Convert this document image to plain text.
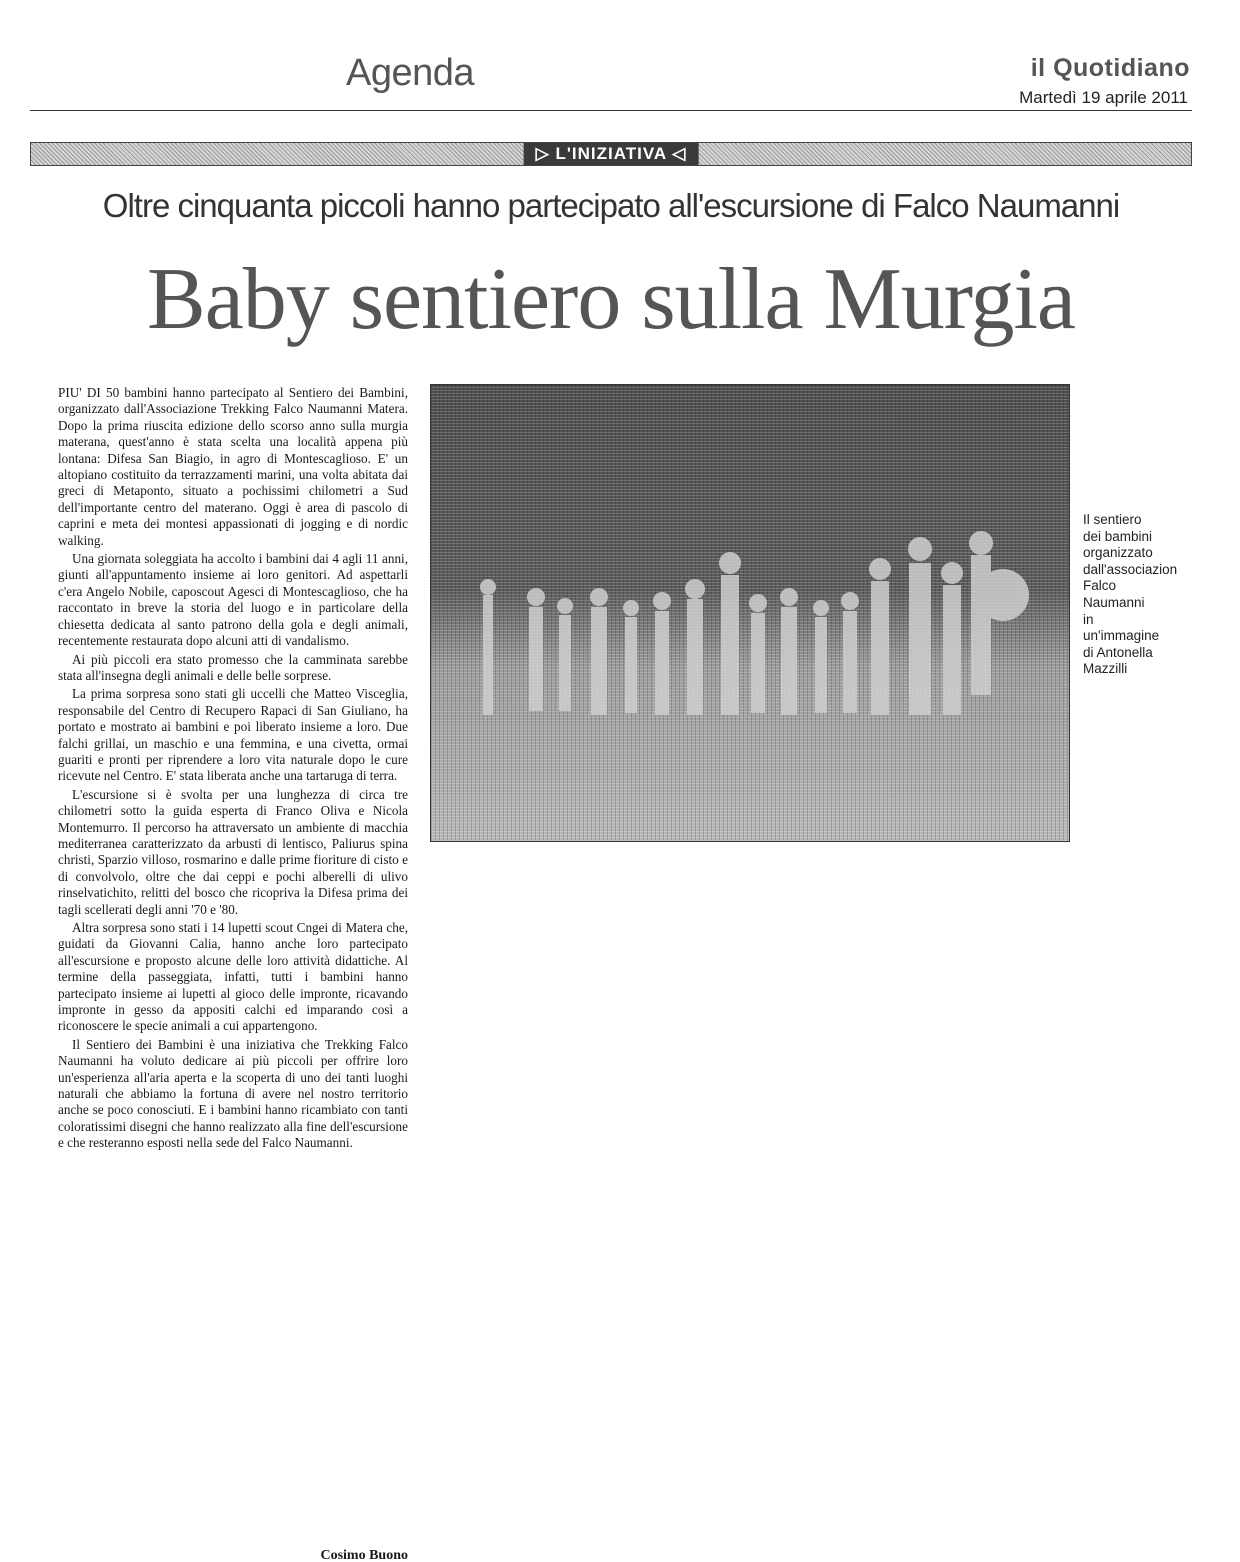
Agenda	il Quotidiano
Martedì 19 aprile 2011
▷ L'INIZIATIVA ◁
Oltre cinquanta piccoli hanno partecipato all'escursione di Falco Naumanni
Baby sentiero sulla Murgia

PIU' DI 50 bambini hanno partecipato al Sentiero dei Bambini, organizzato dall'Associazione Trekking Falco Naumanni Matera. Dopo la prima riuscita edizione dello scorso anno sulla murgia materana, quest'anno è stata scelta una località appena più lontana: Difesa San Biagio, in agro di Montescaglioso. E' un altopiano costituito da terrazzamenti marini, una volta abitata dai greci di Metaponto, situato a pochissimi chilometri a Sud dell'importante centro del materano. Oggi è area di pascolo di caprini e meta dei montesi appassionati di jogging e di nordic walking.

Una giornata soleggiata ha accolto i bambini dai 4 agli 11 anni, giunti all'appuntamento insieme ai loro genitori. Ad aspettarli c'era Angelo Nobile, caposcout Agesci di Montescaglioso, che ha raccontato in breve la storia del luogo e in particolare della chiesetta dedicata al santo patrono della gola e degli animali, recentemente restaurata dopo alcuni atti di vandalismo.

Ai più piccoli era stato promesso che la camminata sarebbe stata all'insegna degli animali e delle belle sorprese.

La prima sorpresa sono stati gli uccelli che Matteo Visceglia, responsabile del Centro di Recupero Rapaci di San Giuliano, ha portato e mostrato ai bambini e poi liberato insieme a loro. Due falchi grillai, un maschio e una femmina, e una civetta, ormai guariti e pronti per riprendere a loro vita naturale dopo le cure ricevute nel Centro. E' stata liberata anche una tartaruga di terra.

L'escursione si è svolta per una lunghezza di circa tre chilometri sotto la guida esperta di Franco Oliva e Nicola Montemurro. Il percorso ha attraversato un ambiente di macchia mediterranea caratterizzato da arbusti di lentisco, Paliurus spina christi, Sparzio villoso, rosmarino e dalle prime fioriture di cisto e di convolvolo, oltre che dai ceppi e pochi alberelli di ulivo rinselvatichito, relitti del bosco che ricopriva la Difesa prima dei tagli scellerati degli anni '70 e '80.

Altra sorpresa sono stati i 14 lupetti scout Cngei di Matera che, guidati da Giovanni Calia, hanno anche loro partecipato all'escursione e proposto alcune delle loro attività didattiche. Al termine della passeggiata, infatti, tutti i bambini hanno partecipato insieme ai lupetti al gioco delle impronte, ricavando impronte in gesso da appositi calchi ed imparando così a riconoscere le specie animali a cui appartengono.

Il Sentiero dei Bambini è una iniziativa che Trekking Falco Naumanni ha voluto dedicare ai più piccoli per offrire loro un'esperienza all'aria aperta e la scoperta di uno dei tanti luoghi naturali che abbiamo la fortuna di avere nel nostro territorio anche se poco conosciuti. E i bambini hanno ricambiato con tanti coloratissimi disegni che hanno realizzato alla fine dell'escursione e che resteranno esposti nella sede del Falco Naumanni.

Cosimo Buono
Il sentiero
dei bambini
organizzato
dall'associazion
Falco
Naumanni
in
un'immagine
di Antonella
Mazzilli
